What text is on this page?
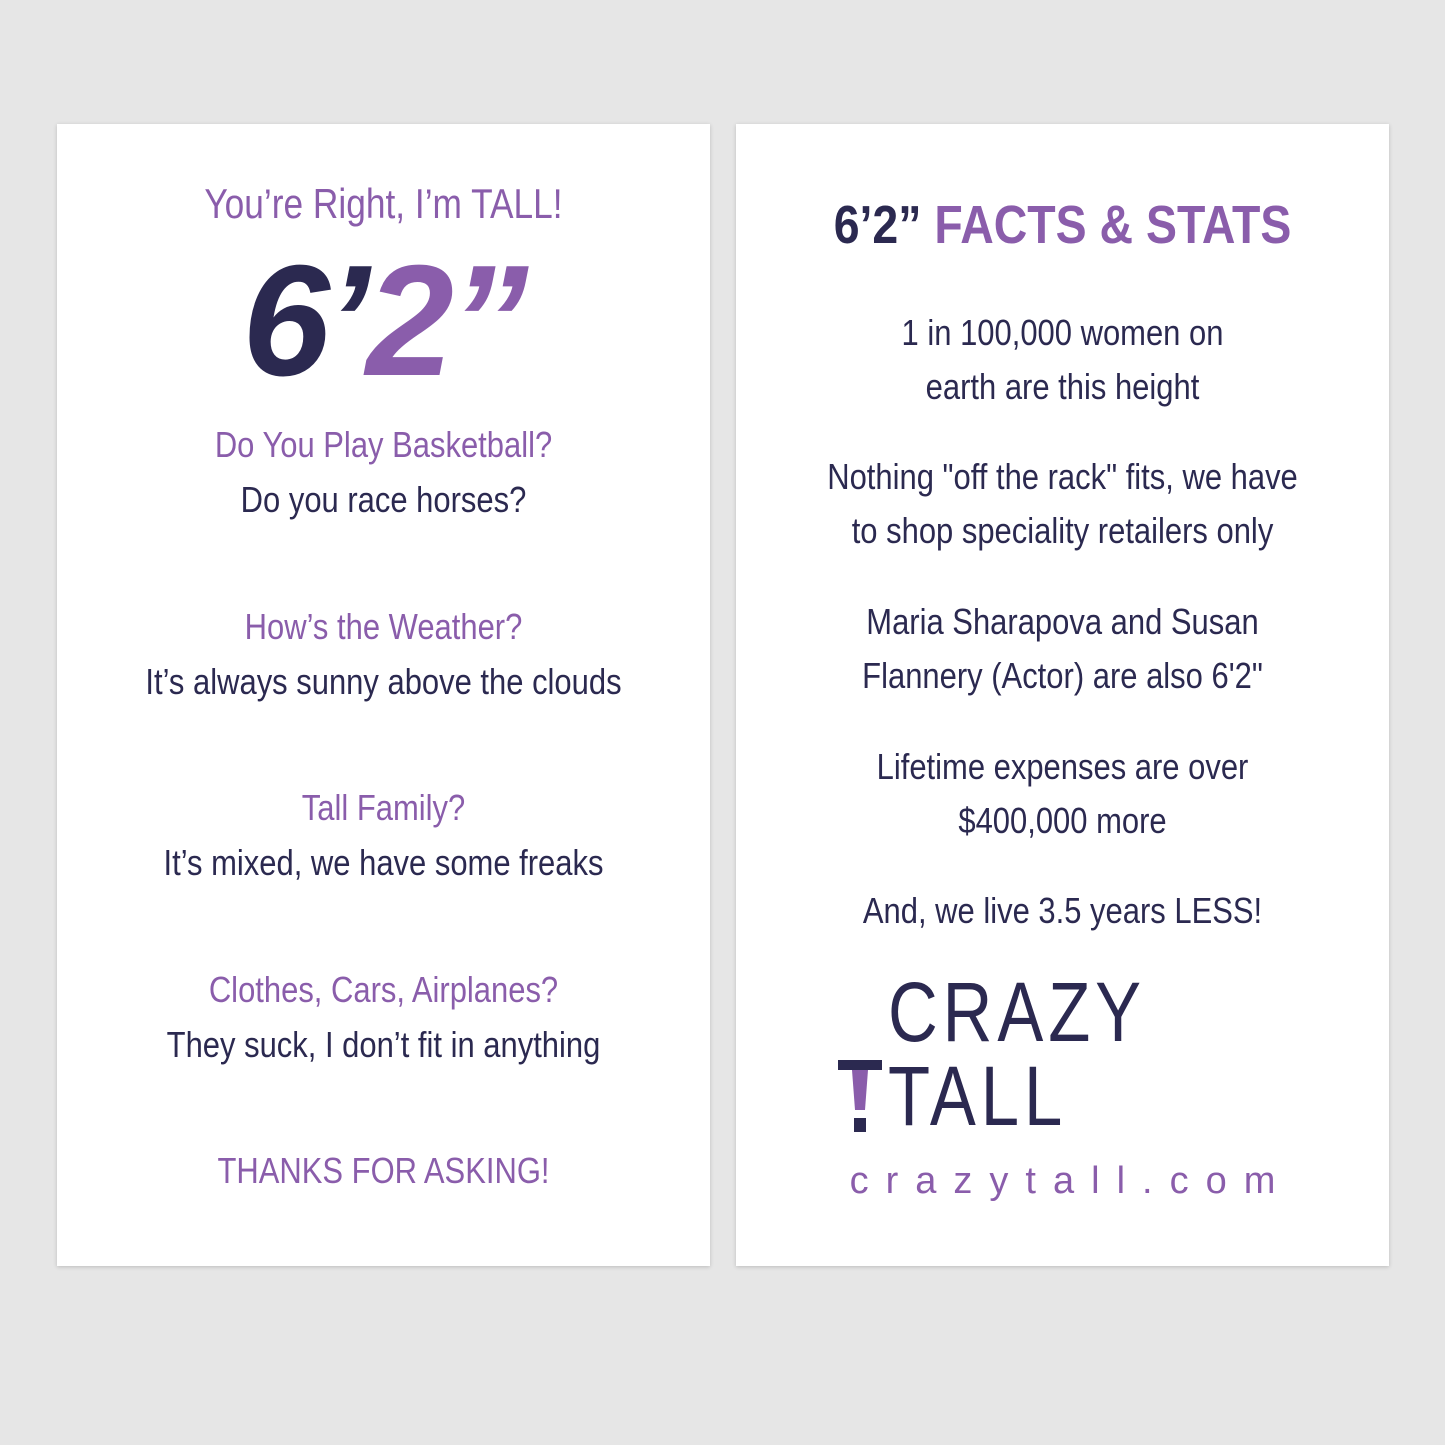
You’re Right, I’m TALL!
6’2”
Do You Play Basketball?
Do you race horses?
How’s the Weather?
It’s always sunny above the clouds
Tall Family?
It’s mixed, we have some freaks
Clothes, Cars, Airplanes?
They suck, I don’t fit in anything
THANKS FOR ASKING!
6’2” FACTS & STATS
1 in 100,000 women on
earth are this height
Nothing "off the rack" fits, we have
to shop speciality retailers only
Maria Sharapova and Susan
Flannery (Actor) are also 6'2"
Lifetime expenses are over
$400,000 more
And, we live 3.5 years LESS!
CRAZY TALL
crazytall.com
